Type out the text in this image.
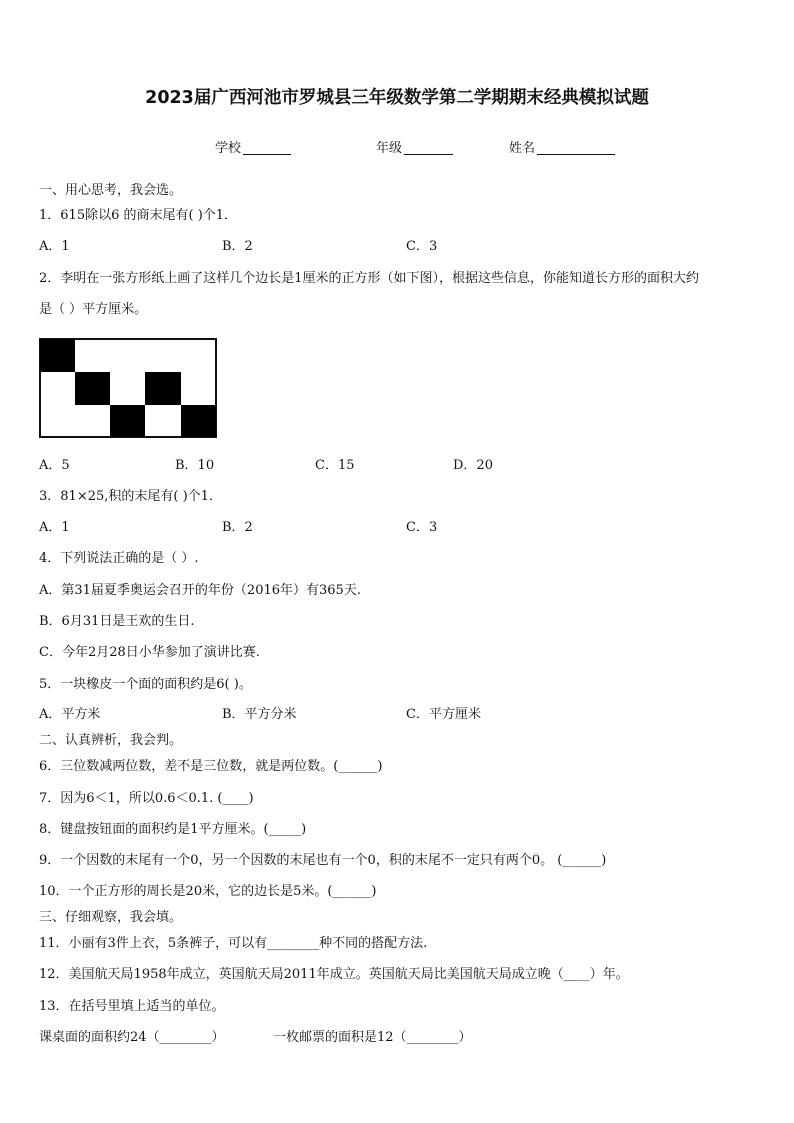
2023届广西河池市罗城县三年级数学第二学期期末经典模拟试题
学校	年级	姓名
一、用心思考，我会选。
1．615除以6 的商末尾有( )个1．
A．1	B．2	C．3
2．李明在一张方形纸上画了这样几个边长是1厘米的正方形（如下图），根据这些信息，你能知道长方形的面积大约
是（ ）平方厘米。
A．5	B．10	C．15	D．20
3．81×25,积的末尾有( )个1．
A．1	B．2	C．3
4．下列说法正确的是（ ）.
A．第31届夏季奥运会召开的年份（2016年）有365天.
B．6月31日是王欢的生日.
C．今年2月28日小华参加了演讲比赛.
5．一块橡皮一个面的面积约是6( )。
A．平方米	B．平方分米	C．平方厘米
二、认真辨析，我会判。
6．三位数减两位数，差不是三位数，就是两位数。(______)
7．因为6＜1，所以0.6＜0.1. (____)
8．键盘按钮面的面积约是1平方厘米。(_____)
9．一个因数的末尾有一个0，另一个因数的末尾也有一个0，积的末尾不一定只有两个0。 (______)
10．一个正方形的周长是20米，它的边长是5米。(______)
三、仔细观察，我会填。
11．小丽有3件上衣，5条裤子，可以有________种不同的搭配方法.
12．美国航天局1958年成立，英国航天局2011年成立。英国航天局比美国航天局成立晚（____）年。
13．在括号里填上适当的单位。
课桌面的面积约24（________）	一枚邮票的面积是12（________）
